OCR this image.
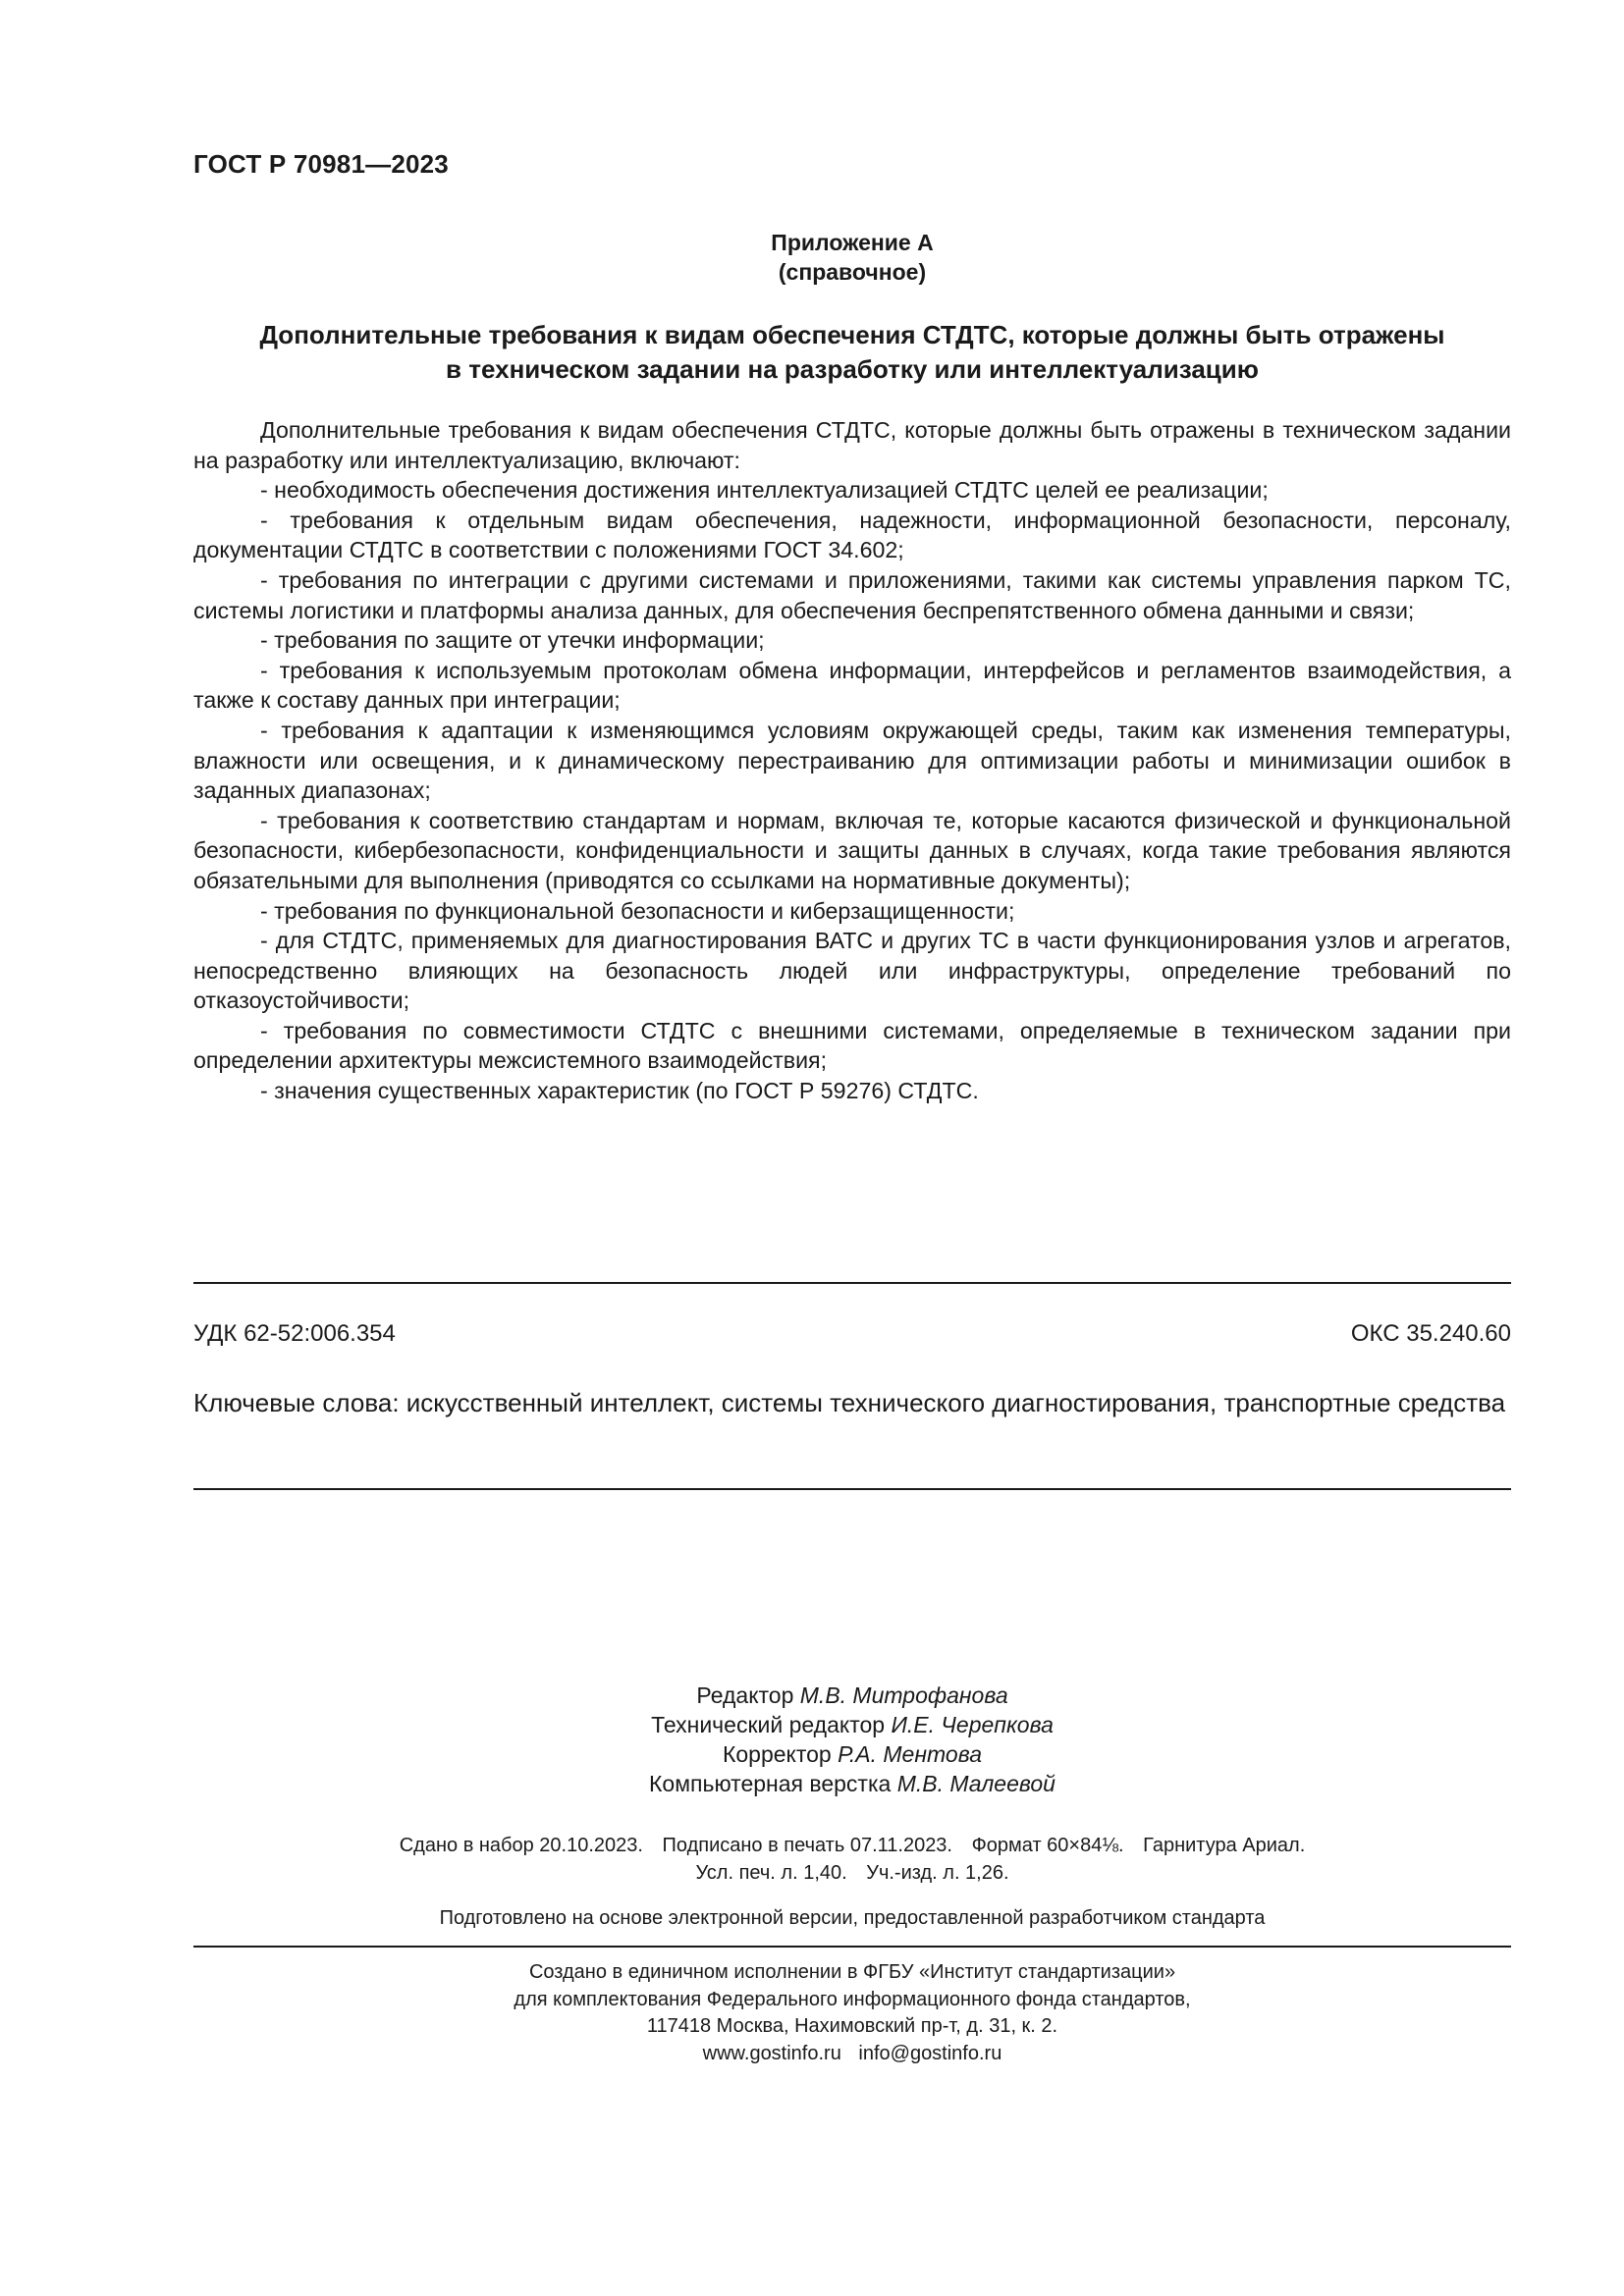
ГОСТ Р 70981—2023
Приложение А
(справочное)
Дополнительные требования к видам обеспечения СТДТС, которые должны быть отражены
в техническом задании на разработку или интеллектуализацию

Дополнительные требования к видам обеспечения СТДТС, которые должны быть отражены в техническом задании на разработку или интеллектуализацию, включают:

- необходимость обеспечения достижения интеллектуализацией СТДТС целей ее реализации;

- требования к отдельным видам обеспечения, надежности, информационной безопасности, персоналу, документации СТДТС в соответствии с положениями ГОСТ 34.602;

- требования по интеграции с другими системами и приложениями, такими как системы управления парком ТС, системы логистики и платформы анализа данных, для обеспечения беспрепятственного обмена данными и связи;

- требования по защите от утечки информации;

- требования к используемым протоколам обмена информации, интерфейсов и регламентов взаимодействия, а также к составу данных при интеграции;

- требования к адаптации к изменяющимся условиям окружающей среды, таким как изменения температуры, влажности или освещения, и к динамическому перестраиванию для оптимизации работы и минимизации ошибок в заданных диапазонах;

- требования к соответствию стандартам и нормам, включая те, которые касаются физической и функциональной безопасности, кибербезопасности, конфиденциальности и защиты данных в случаях, когда такие требования являются обязательными для выполнения (приводятся со ссылками на нормативные документы);

- требования по функциональной безопасности и киберзащищенности;

- для СТДТС, применяемых для диагностирования ВАТС и других ТС в части функционирования узлов и агрегатов, непосредственно влияющих на безопасность людей или инфраструктуры, определение требований по отказоустойчивости;

- требования по совместимости СТДТС с внешними системами, определяемые в техническом задании при определении архитектуры межсистемного взаимодействия;

- значения существенных характеристик (по ГОСТ Р 59276) СТДТС.

УДК 62-52:006.354	ОКС 35.240.60
Ключевые слова: искусственный интеллект, системы технического диагностирования, транспортные средства
Редактор М.В. Митрофанова
Технический редактор И.Е. Черепкова
Корректор Р.А. Ментова
Компьютерная верстка М.В. Малеевой
Сдано в набор 20.10.2023. Подписано в печать 07.11.2023. Формат 60×84⅛. Гарнитура Ариал.
Усл. печ. л. 1,40. Уч.-изд. л. 1,26.
Подготовлено на основе электронной версии, предоставленной разработчиком стандарта
Создано в единичном исполнении в ФГБУ «Институт стандартизации»
для комплектования Федерального информационного фонда стандартов,
117418 Москва, Нахимовский пр-т, д. 31, к. 2.
www.gostinfo.ru info@gostinfo.ru
